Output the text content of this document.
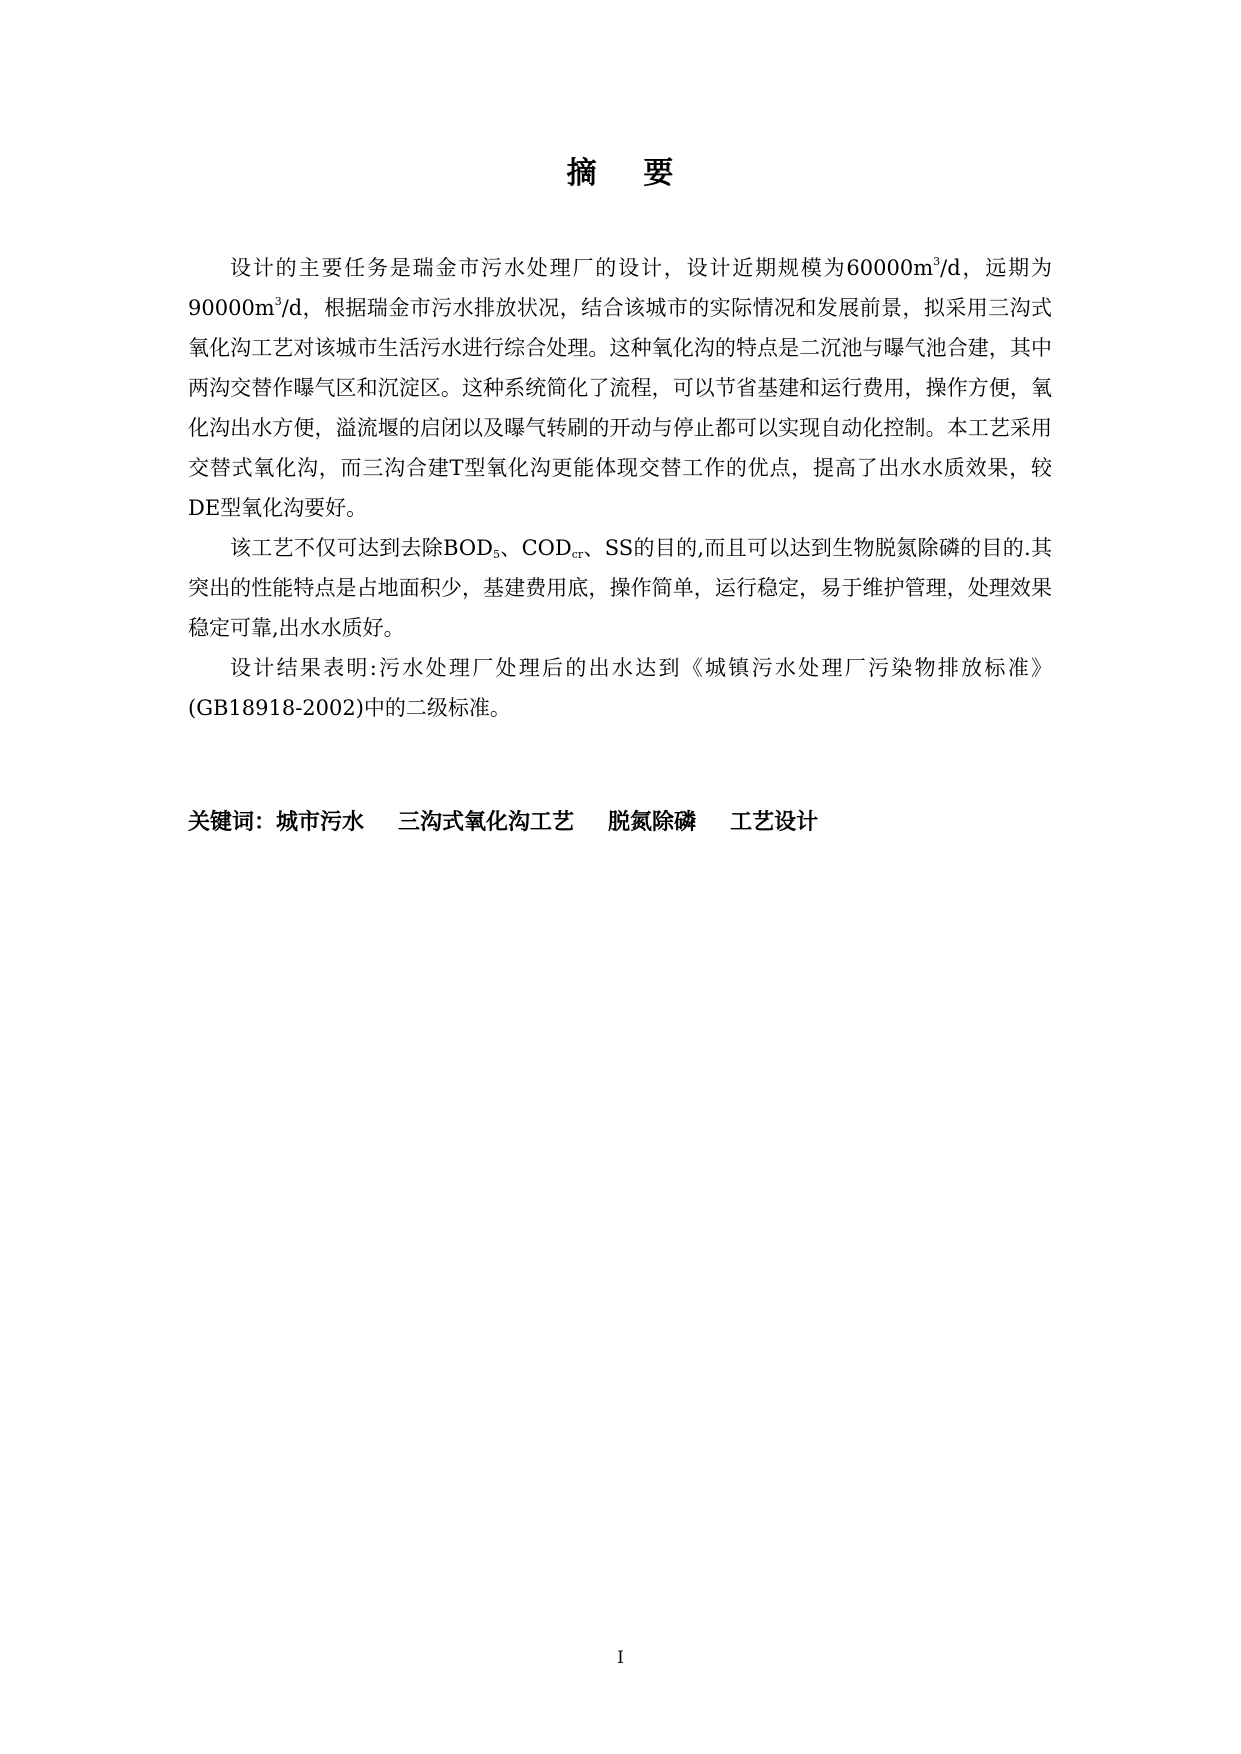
摘    要

设计的主要任务是瑞金市污水处理厂的设计，设计近期规模为$60000m^3/d$，远期为$90000m^3/d$，根据瑞金市污水排放状况，结合该城市的实际情况和发展前景，拟采用三沟式氧化沟工艺对该城市生活污水进行综合处理。这种氧化沟的特点是二沉池与曝气池合建，其中两沟交替作曝气区和沉淀区。这种系统简化了流程，可以节省基建和运行费用，操作方便，氧化沟出水方便，溢流堰的启闭以及曝气转刷的开动与停止都可以实现自动化控制。本工艺采用交替式氧化沟，而三沟合建T型氧化沟更能体现交替工作的优点，提高了出水水质效果，较DE型氧化沟要好。

该工艺不仅可达到去除$BOD_5$、$COD_{cr}$、SS的目的,而且可以达到生物脱氮除磷的目的.其突出的性能特点是占地面积少，基建费用底，操作简单，运行稳定，易于维护管理，处理效果稳定可靠,出水水质好。

设计结果表明:污水处理厂处理后的出水达到《城镇污水处理厂污染物排放标准》(GB18918-2002)中的二级标准。

关键词：城市污水 三沟式氧化沟工艺 脱氮除磷 工艺设计
I
